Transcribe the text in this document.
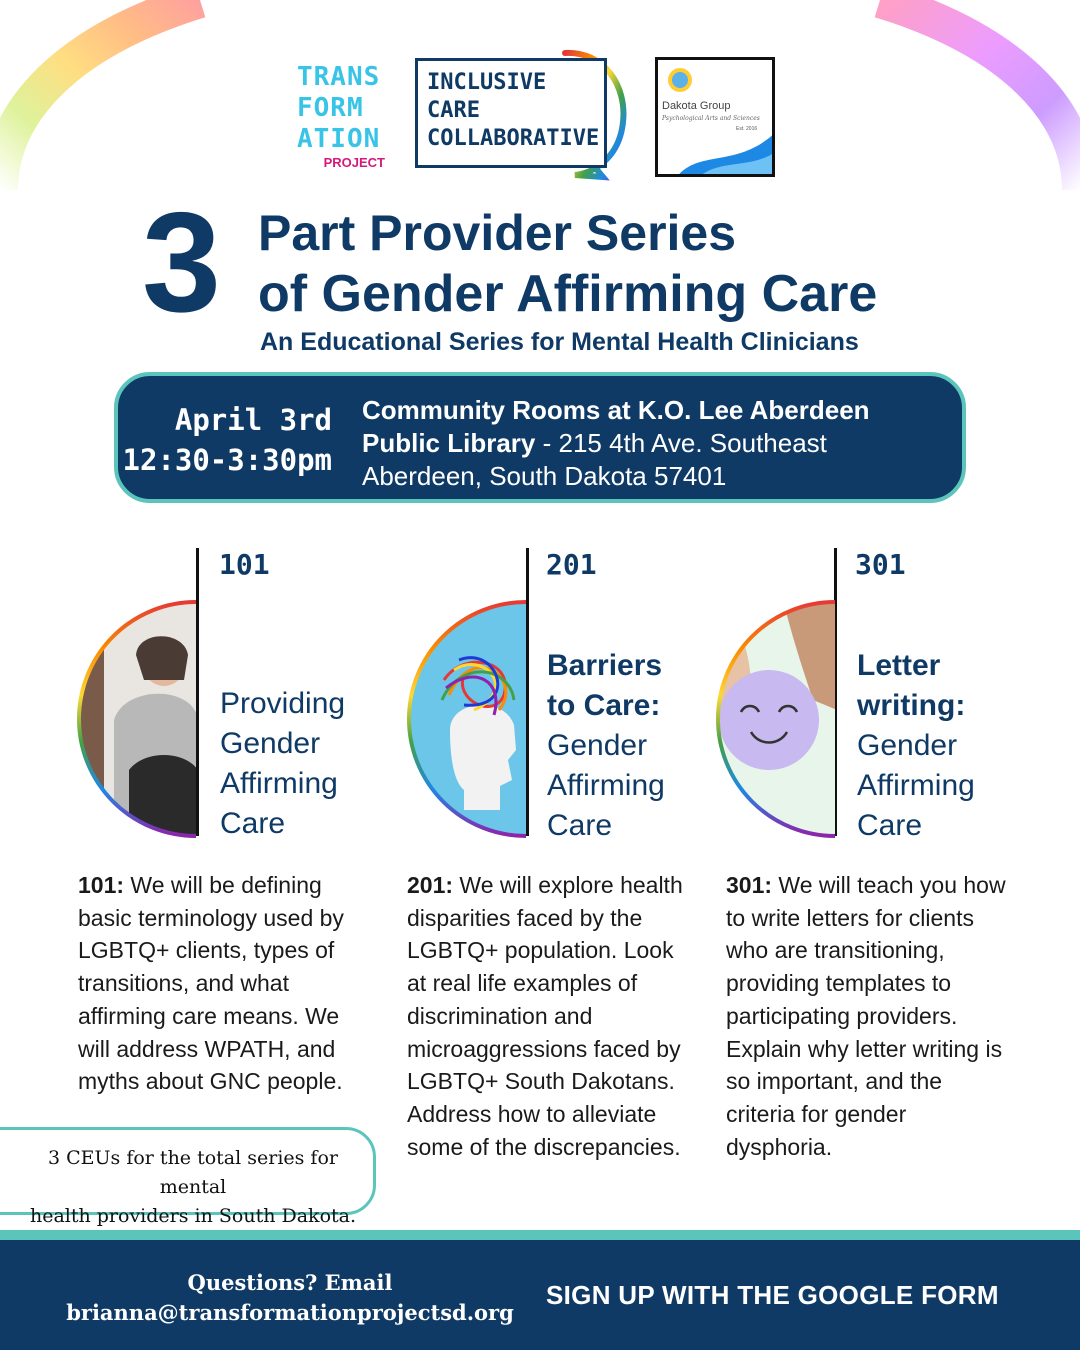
TRANS
FORM
ATION
PROJECT
INCLUSIVE
CARE
COLLABORATIVE
Dakota Group
Psychological Arts and Sciences
Est. 2016
3 Part Provider Series
of Gender Affirming Care
An Educational Series for Mental Health Clinicians
April 3rd
12:30-3:30pm
Community Rooms at K.O. Lee Aberdeen
Public Library - 215 4th Ave. Southeast
Aberdeen, South Dakota 57401
101
Providing
Gender
Affirming
Care
201
Barriers
to Care:
Gender
Affirming
Care
301
Letter
writing:
Gender
Affirming
Care
101: We will be defining basic terminology used by LGBTQ+ clients, types of transitions, and what affirming care means. We will address WPATH, and myths about GNC people.
201: We will explore health disparities faced by the LGBTQ+ population. Look at real life examples of discrimination and microaggressions faced by LGBTQ+ South Dakotans. Address how to alleviate some of the discrepancies.
301: We will teach you how to write letters for clients who are transitioning, providing templates to participating providers. Explain why letter writing is so important, and the criteria for gender dysphoria.
3 CEUs for the total series for mental
health providers in South Dakota.
Questions? Email
brianna@transformationprojectsd.org
SIGN UP WITH THE GOOGLE FORM
